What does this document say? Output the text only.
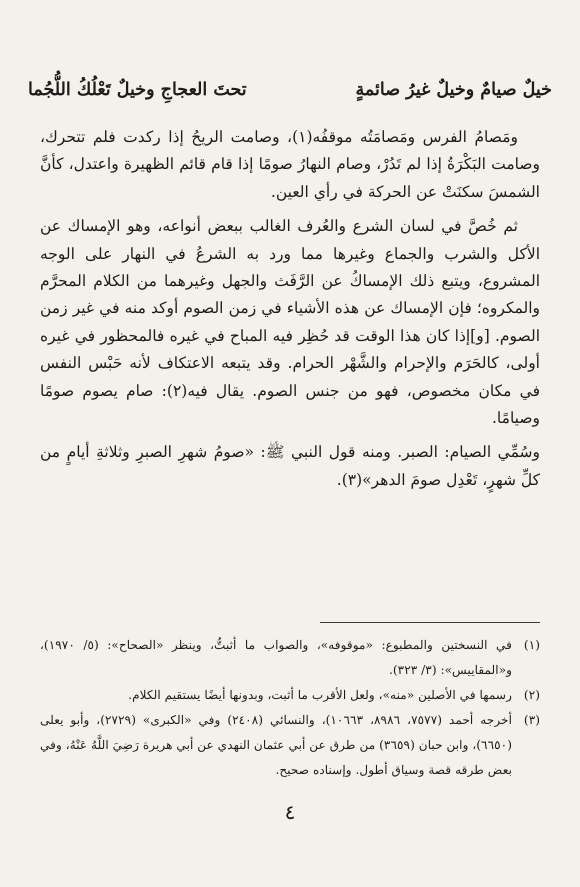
خيلٌ صيامٌ وخيلٌ غيرُ صائمةٍ
تحتَ العجاجِ وخيلٌ تَعْلُكُ اللُّجُما

ومَصامُ الفرس ومَصامَتُه موقفُه(١)، وصامت الريحُ إذا ركدت فلم تتحرك، وصامت البَكْرَةُ إذا لم تَدُرْ، وصام النهارُ صومًا إذا قام قائم الظهيرة واعتدل، كأنَّ الشمسَ سكنَتْ عن الحركة في رأي العين.

ثم خُصَّ في لسان الشرع والعُرف الغالب ببعض أنواعه، وهو الإمساك عن الأكل والشرب والجماع وغيرها مما ورد به الشرعُ في النهار على الوجه المشروع، ويتبع ذلك الإمساكُ عن الرَّفَث والجهل وغيرهما من الكلام المحرَّم والمكروه؛ فإن الإمساك عن هذه الأشياء في زمن الصوم أوكد منه في غير زمن الصوم. [و]إذا كان هذا الوقت قد حُظِر فيه المباح في غيره فالمحظور في غيره أولى، كالحَرَم والإحرام والشَّهْر الحرام. وقد يتبعه الاعتكاف لأنه حَبْس النفس في مكان مخصوص، فهو من جنس الصوم. يقال فيه(٢): صام يصوم صومًا وصيامًا.

وسُمِّي الصيام: الصبر. ومنه قول النبي ﷺ: «صومُ شهرِ الصبرِ وثلاثةِ أيامٍ من كلِّ شهرٍ، تَعْدِل صومَ الدهر»(٣).

(١)
في النسختين والمطبوع: «موقوفه»، والصواب ما أثبتُّ، وينظر «الصحاح»: (٥/ ١٩٧٠)، و«المقاييس»: (٣/ ٣٢٣).
(٢)
رسمها في الأصلين «منه»، ولعل الأقرب ما أثبت، وبدونها أيضًا يستقيم الكلام.
(٣)
أخرجه أحمد (٧٥٧٧، ٨٩٨٦، ١٠٦٦٣)، والنسائي (٢٤٠٨) وفي «الكبرى» (٢٧٢٩)، وأبو يعلى (٦٦٥٠)، وابن حبان (٣٦٥٩) من طرق عن أبي عثمان النهدي عن أبي هريرة رَضِيَ اللَّهُ عَنْهُ، وفي بعض طرقه قصة وسياق أطول. وإسناده صحيح.
٤
